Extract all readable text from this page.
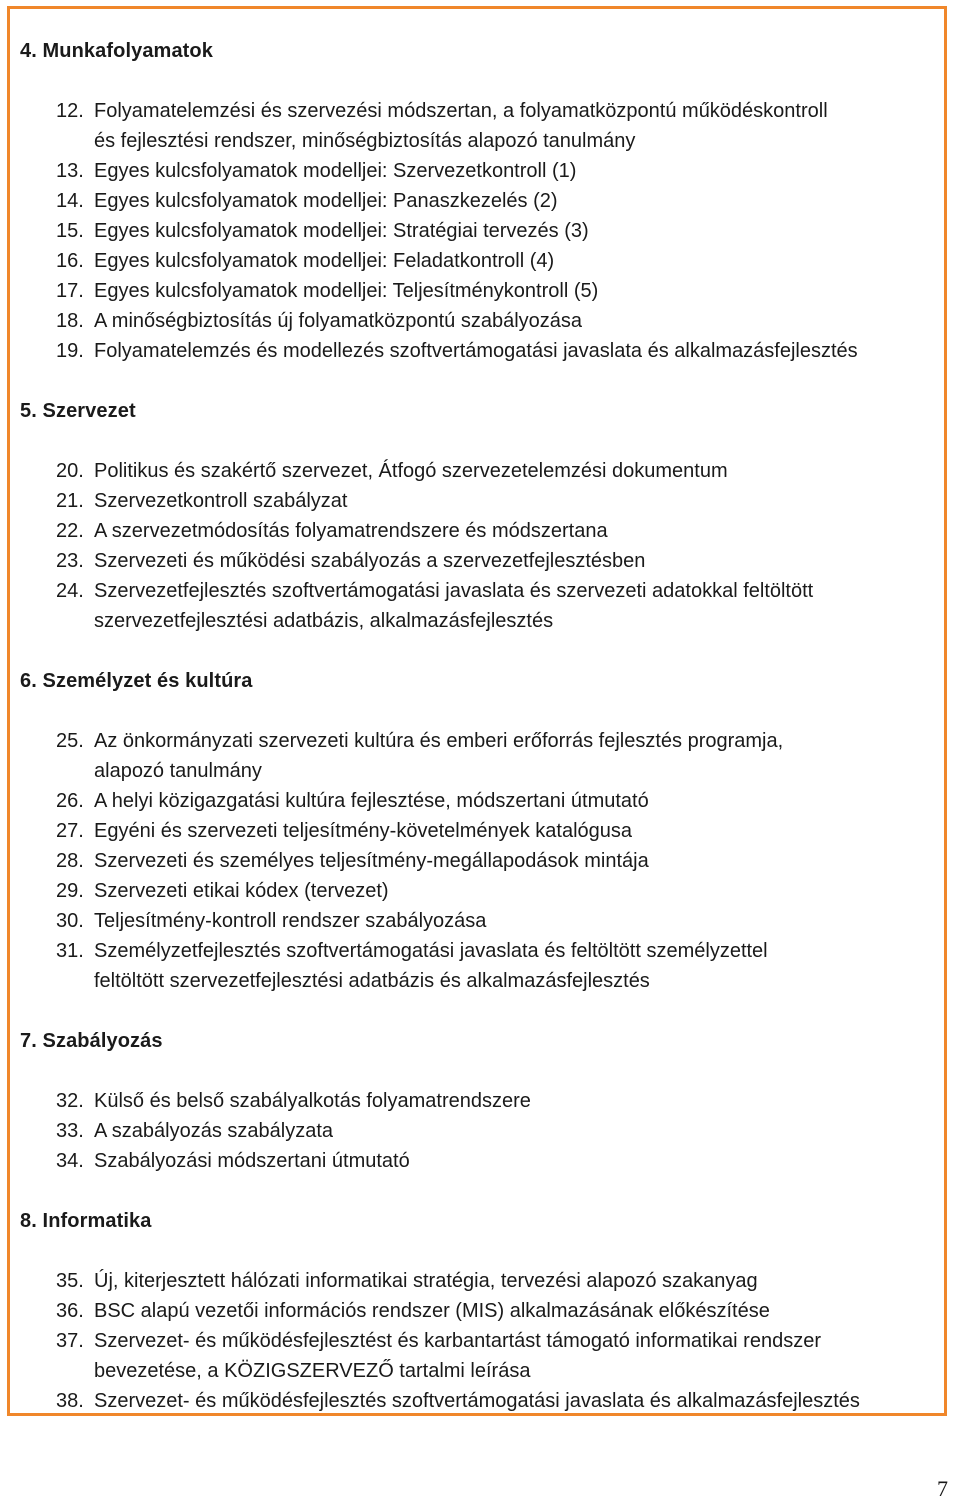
4. Munkafolyamatok
12. Folyamatelemzési és szervezési módszertan, a folyamatközpontú működéskontroll
és fejlesztési rendszer, minőségbiztosítás alapozó tanulmány
13. Egyes kulcsfolyamatok modelljei: Szervezetkontroll (1)
14. Egyes kulcsfolyamatok modelljei: Panaszkezelés (2)
15. Egyes kulcsfolyamatok modelljei: Stratégiai tervezés (3)
16. Egyes kulcsfolyamatok modelljei: Feladatkontroll (4)
17. Egyes kulcsfolyamatok modelljei: Teljesítménykontroll (5)
18. A minőségbiztosítás új folyamatközpontú szabályozása
19. Folyamatelemzés és modellezés szoftvertámogatási javaslata és alkalmazásfejlesztés
5. Szervezet
20. Politikus és szakértő szervezet, Átfogó szervezetelemzési dokumentum
21. Szervezetkontroll szabályzat
22. A szervezetmódosítás folyamatrendszere és módszertana
23. Szervezeti és működési szabályozás a szervezetfejlesztésben
24. Szervezetfejlesztés szoftvertámogatási javaslata és szervezeti adatokkal feltöltött
szervezetfejlesztési adatbázis, alkalmazásfejlesztés
6. Személyzet és kultúra
25. Az önkormányzati szervezeti kultúra és emberi erőforrás fejlesztés programja,
alapozó tanulmány
26. A helyi közigazgatási kultúra fejlesztése, módszertani útmutató
27. Egyéni és szervezeti teljesítmény-követelmények katalógusa
28. Szervezeti és személyes teljesítmény-megállapodások mintája
29. Szervezeti etikai kódex (tervezet)
30. Teljesítmény-kontroll rendszer szabályozása
31. Személyzetfejlesztés szoftvertámogatási javaslata és feltöltött személyzettel
feltöltött szervezetfejlesztési adatbázis és alkalmazásfejlesztés
7. Szabályozás
32. Külső és belső szabályalkotás folyamatrendszere
33. A szabályozás szabályzata
34. Szabályozási módszertani útmutató
8. Informatika
35. Új, kiterjesztett hálózati informatikai stratégia, tervezési alapozó szakanyag
36. BSC alapú vezetői információs rendszer (MIS) alkalmazásának előkészítése
37. Szervezet- és működésfejlesztést és karbantartást támogató informatikai rendszer
bevezetése, a KÖZIGSZERVEZŐ tartalmi leírása
38. Szervezet- és működésfejlesztés szoftvertámogatási javaslata és alkalmazásfejlesztés
7
